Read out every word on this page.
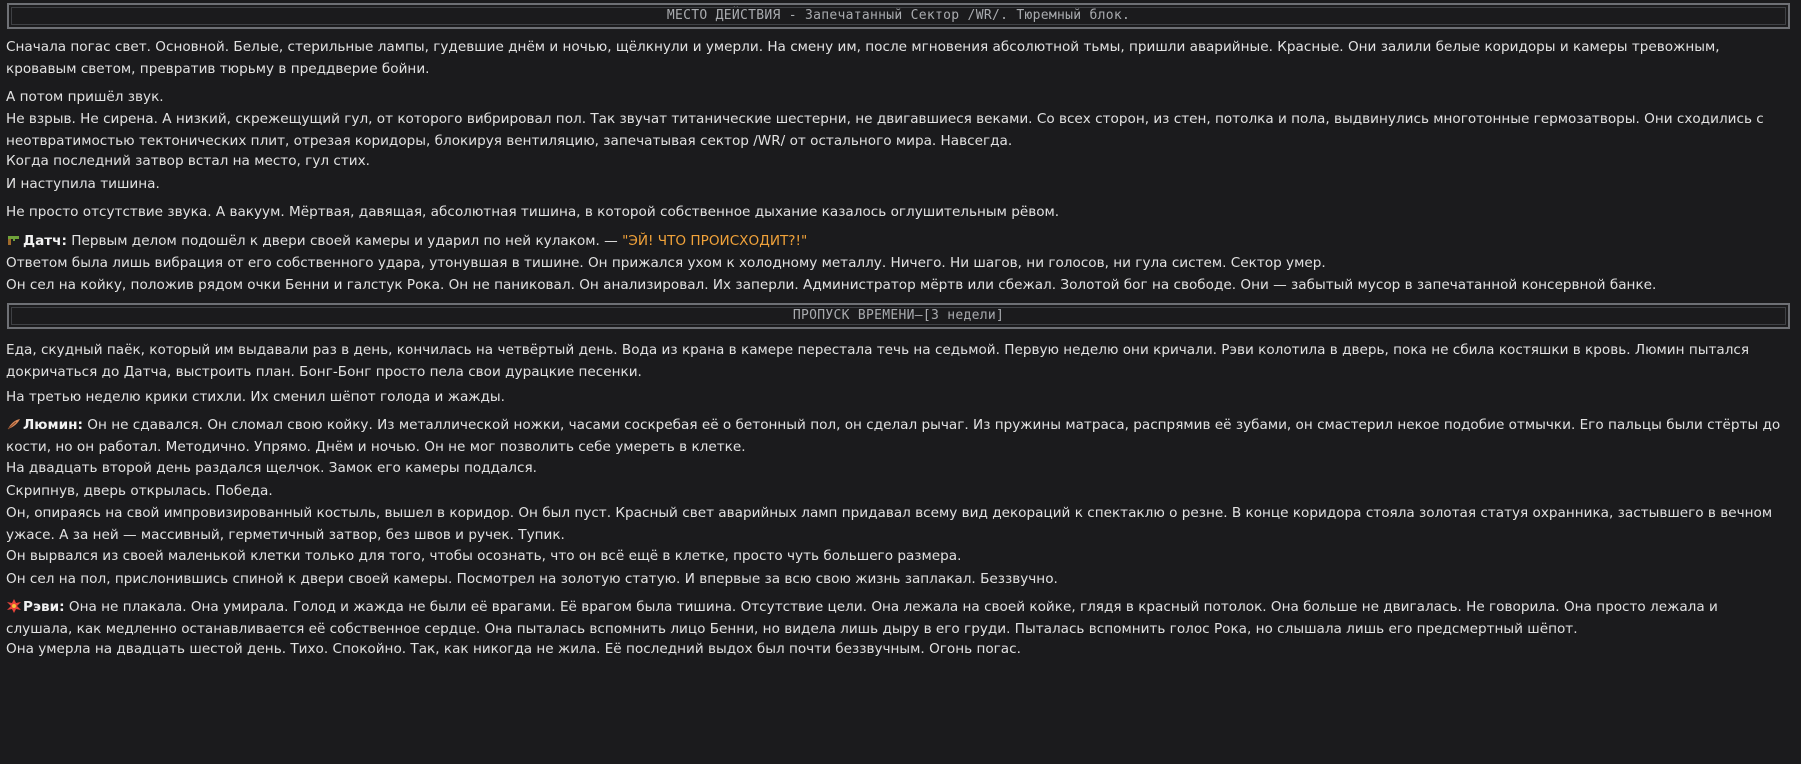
МЕСТО ДЕЙСТВИЯ - Запечатанный Сектор /WR/. Тюремный блок.

Сначала погас свет. Основной. Белые, стерильные лампы, гудевшие днём и ночью, щёлкнули и умерли. На смену им, после мгновения абсолютной тьмы, пришли аварийные. Красные. Они залили белые коридоры и камеры тревожным, кровавым светом, превратив тюрьму в преддверие бойни.

А потом пришёл звук.

Не взрыв. Не сирена. А низкий, скрежещущий гул, от которого вибрировал пол. Так звучат титанические шестерни, не двигавшиеся веками. Со всех сторон, из стен, потолка и пола, выдвинулись многотонные гермозатворы. Они сходились с неотвратимостью тектонических плит, отрезая коридоры, блокируя вентиляцию, запечатывая сектор /WR/ от остального мира. Навсегда.

Когда последний затвор встал на место, гул стих.

И наступила тишина.

Не просто отсутствие звука. А вакуум. Мёртвая, давящая, абсолютная тишина, в которой собственное дыхание казалось оглушительным рёвом.

Датч: Первым делом подошёл к двери своей камеры и ударил по ней кулаком. — "ЭЙ! ЧТО ПРОИСХОДИТ?!"

Ответом была лишь вибрация от его собственного удара, утонувшая в тишине. Он прижался ухом к холодному металлу. Ничего. Ни шагов, ни голосов, ни гула систем. Сектор умер.

Он сел на койку, положив рядом очки Бенни и галстук Рока. Он не паниковал. Он анализировал. Их заперли. Администратор мёртв или сбежал. Золотой бог на свободе. Они — забытый мусор в запечатанной консервной банке.

ПРОПУСК ВРЕМЕНИ—[3 недели]

Еда, скудный паёк, который им выдавали раз в день, кончилась на четвёртый день. Вода из крана в камере перестала течь на седьмой. Первую неделю они кричали. Рэви колотила в дверь, пока не сбила костяшки в кровь. Люмин пытался докричаться до Датча, выстроить план. Бонг-Бонг просто пела свои дурацкие песенки.

На третью неделю крики стихли. Их сменил шёпот голода и жажды.

Люмин: Он не сдавался. Он сломал свою койку. Из металлической ножки, часами соскребая её о бетонный пол, он сделал рычаг. Из пружины матраса, распрямив её зубами, он смастерил некое подобие отмычки. Его пальцы были стёрты до кости, но он работал. Методично. Упрямо. Днём и ночью. Он не мог позволить себе умереть в клетке.

На двадцать второй день раздался щелчок. Замок его камеры поддался.

Скрипнув, дверь открылась. Победа.

Он, опираясь на свой импровизированный костыль, вышел в коридор. Он был пуст. Красный свет аварийных ламп придавал всему вид декораций к спектаклю о резне. В конце коридора стояла золотая статуя охранника, застывшего в вечном ужасе. А за ней — массивный, герметичный затвор, без швов и ручек. Тупик.

Он вырвался из своей маленькой клетки только для того, чтобы осознать, что он всё ещё в клетке, просто чуть большего размера.

Он сел на пол, прислонившись спиной к двери своей камеры. Посмотрел на золотую статую. И впервые за всю свою жизнь заплакал. Беззвучно.

Рэви: Она не плакала. Она умирала. Голод и жажда не были её врагами. Её врагом была тишина. Отсутствие цели. Она лежала на своей койке, глядя в красный потолок. Она больше не двигалась. Не говорила. Она просто лежала и слушала, как медленно останавливается её собственное сердце. Она пыталась вспомнить лицо Бенни, но видела лишь дыру в его груди. Пыталась вспомнить голос Рока, но слышала лишь его предсмертный шёпот.

Она умерла на двадцать шестой день. Тихо. Спокойно. Так, как никогда не жила. Её последний выдох был почти беззвучным. Огонь погас.
